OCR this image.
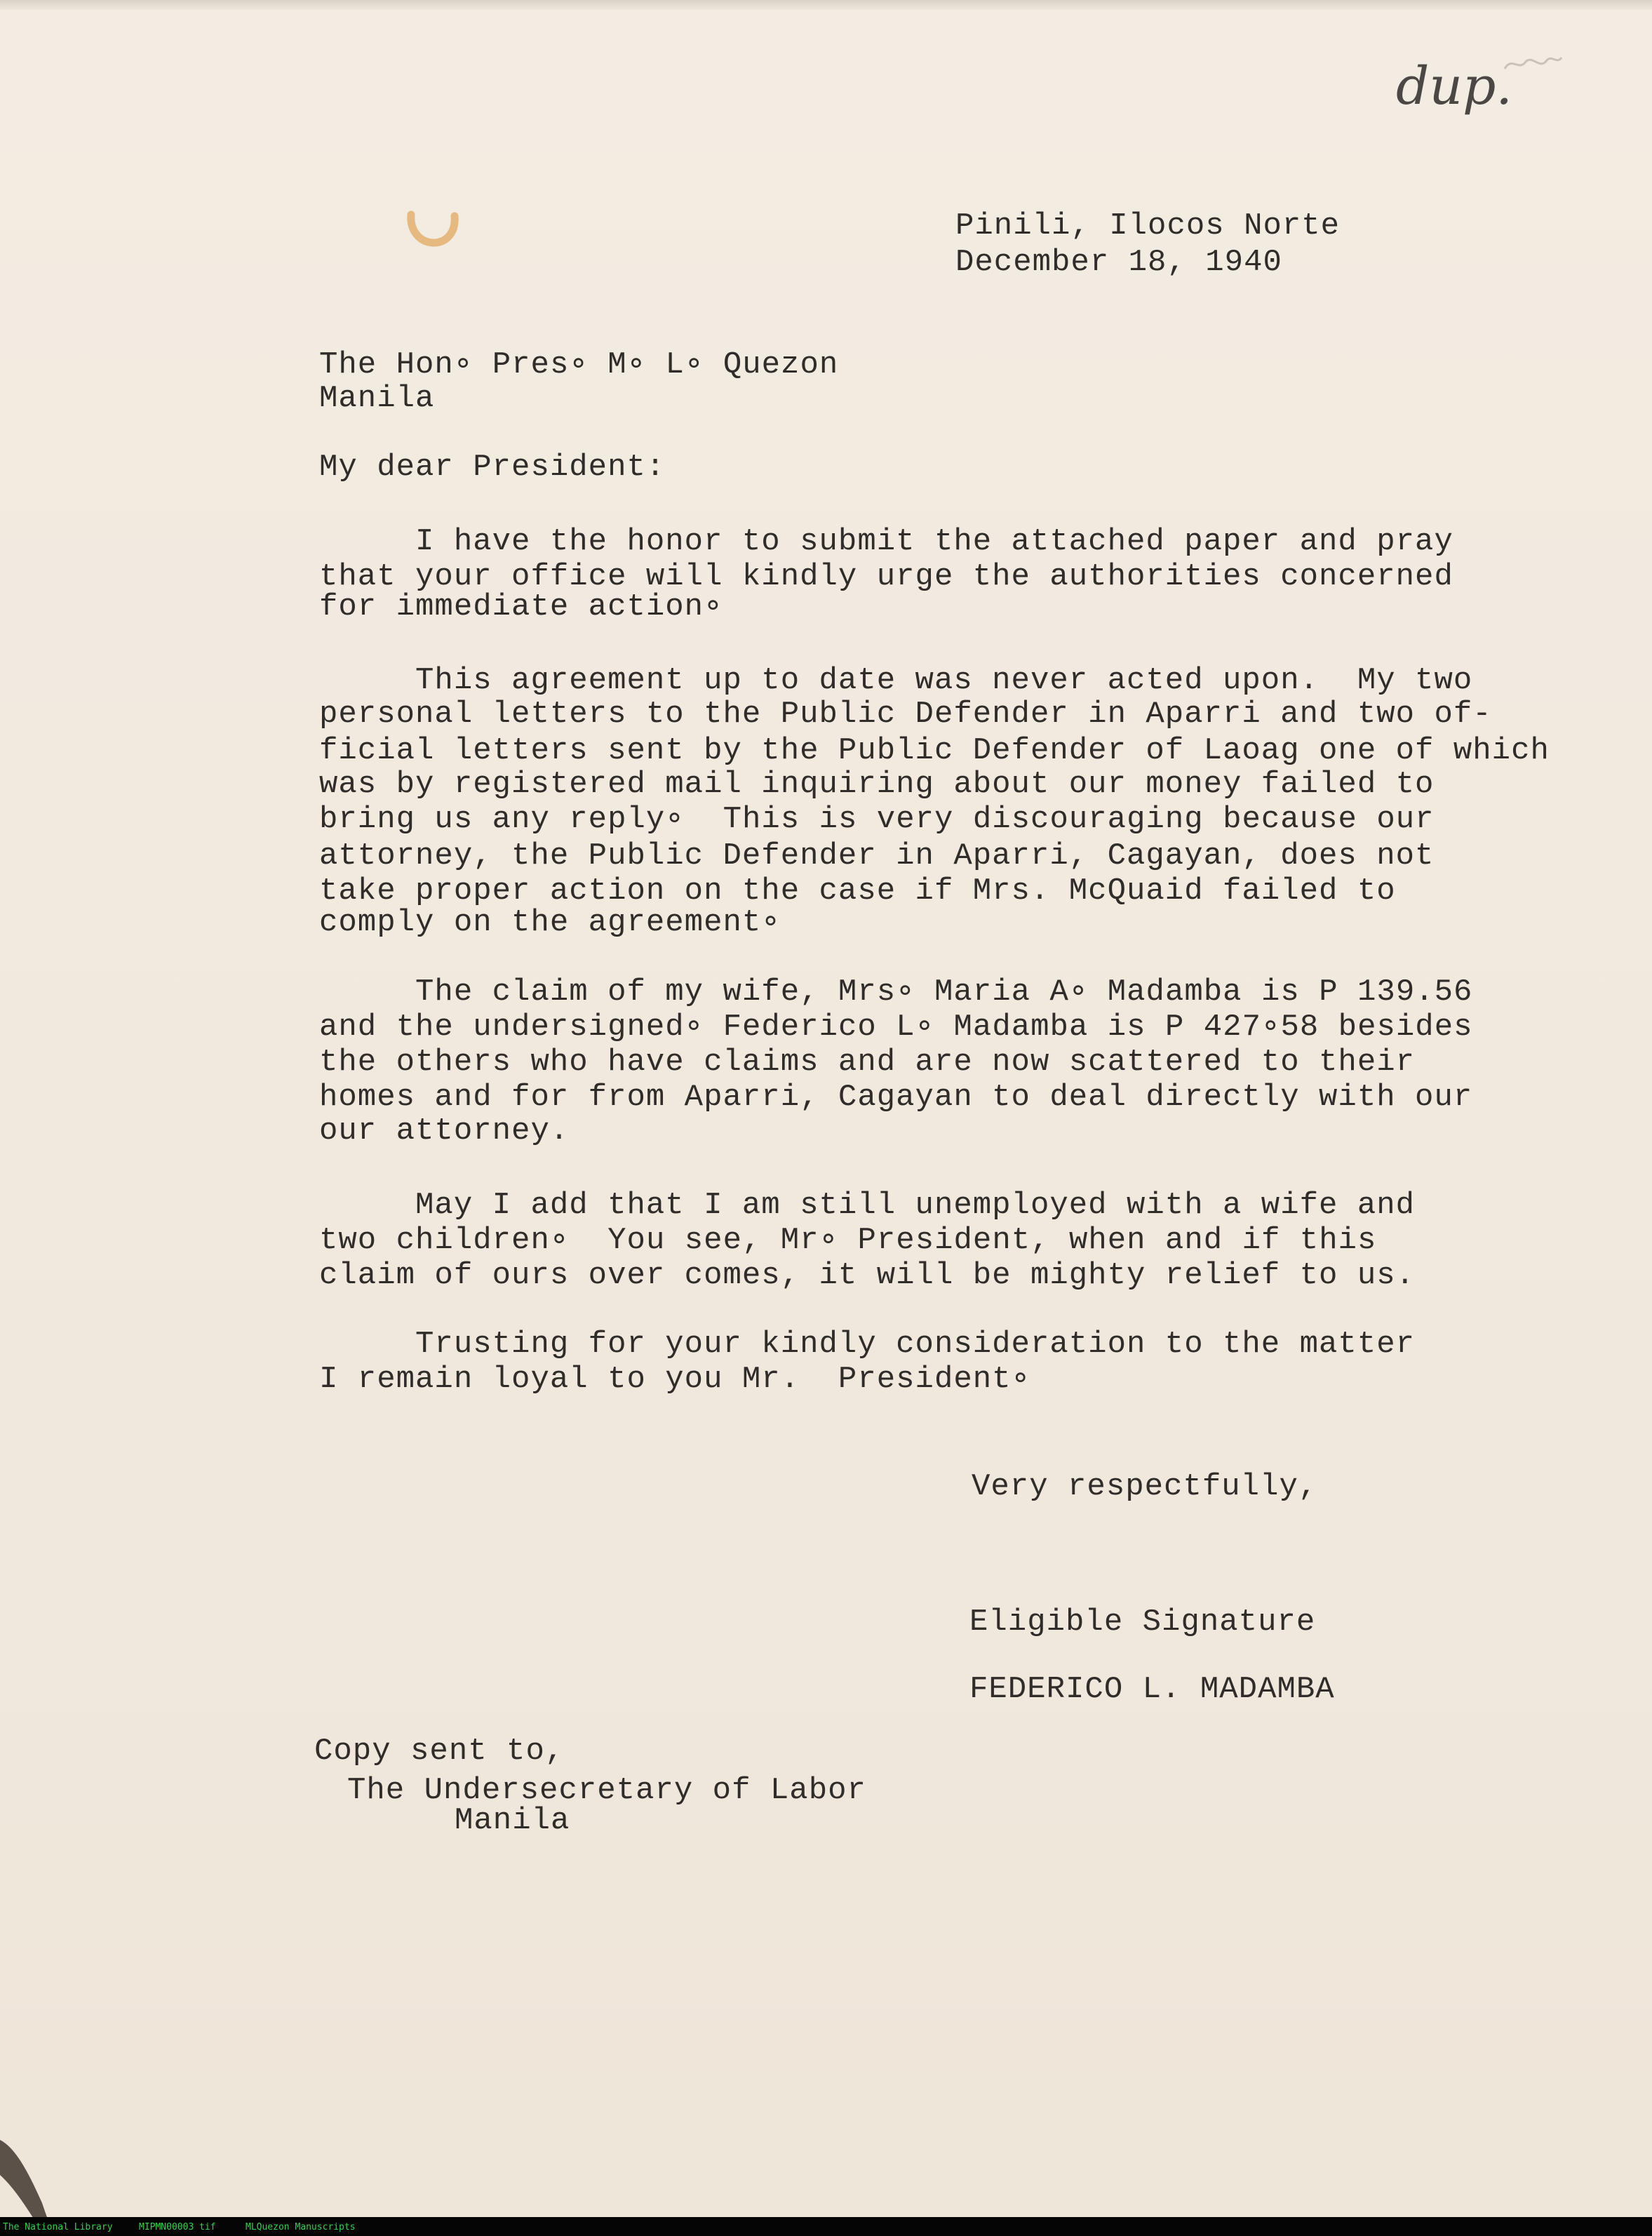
dup.

Pinili, Ilocos Norte

December 18, 1940

The Hon∘ Pres∘ M∘ L∘ Quezon

Manila

My dear President:

I have the honor to submit the attached paper and pray

that your office will kindly urge the authorities concerned

for immediate action∘

This agreement up to date was never acted upon.  My two

personal letters to the Public Defender in Aparri and two of-

ficial letters sent by the Public Defender of Laoag one of which

was by registered mail inquiring about our money failed to

bring us any reply∘  This is very discouraging because our

attorney, the Public Defender in Aparri, Cagayan, does not

take proper action on the case if Mrs. McQuaid failed to

comply on the agreement∘

The claim of my wife, Mrs∘ Maria A∘ Madamba is P 139.56

and the undersigned∘ Federico L∘ Madamba is P 427∘58 besides

the others who have claims and are now scattered to their

homes and for from Aparri, Cagayan to deal directly with our

our attorney.

May I add that I am still unemployed with a wife and

two children∘  You see, Mr∘ President, when and if this

claim of ours over comes, it will be mighty relief to us.

Trusting for your kindly consideration to the matter

I remain loyal to you Mr.  President∘

Very respectfully,

Eligible Signature

FEDERICO L. MADAMBA

Copy sent to,

The Undersecretary of Labor

Manila

The National Library	MIPMN00003 tif	MLQuezon Manuscripts
